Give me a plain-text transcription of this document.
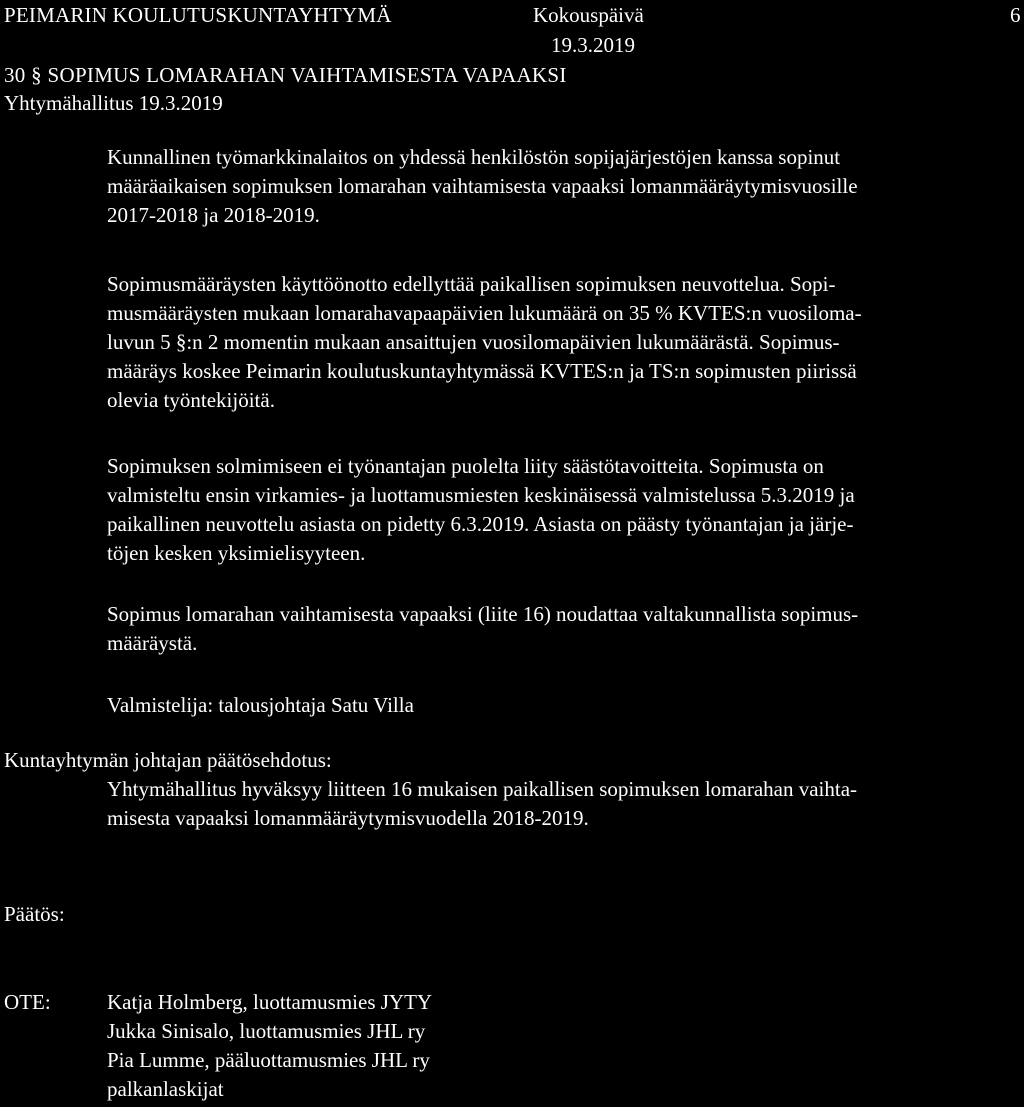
PEIMARIN KOULUTUSKUNTAYHTYMÄ	Kokouspäivä	6

19.3.2019

30 § SOPIMUS LOMARAHAN VAIHTAMISESTA VAPAAKSI

Yhtymähallitus 19.3.2019

Kunnallinen työmarkkinalaitos on yhdessä henkilöstön sopijajärjestöjen kanssa sopinut
määräaikaisen sopimuksen lomarahan vaihtamisesta vapaaksi lomanmääräytymisvuosille
2017-2018 ja 2018-2019.
Sopimusmääräysten käyttöönotto edellyttää paikallisen sopimuksen neuvottelua. Sopi-
musmääräysten mukaan lomarahavapaapäivien lukumäärä on 35 % KVTES:n vuosiloma-
luvun 5 §:n 2 momentin mukaan ansaittujen vuosilomapäivien lukumäärästä. Sopimus-
määräys koskee Peimarin koulutuskuntayhtymässä KVTES:n ja TS:n sopimusten piirissä
olevia työntekijöitä.
Sopimuksen solmimiseen ei työnantajan puolelta liity säästötavoitteita. Sopimusta on
valmisteltu ensin virkamies- ja luottamusmiesten keskinäisessä valmistelussa 5.3.2019 ja
paikallinen neuvottelu asiasta on pidetty 6.3.2019. Asiasta on päästy työnantajan ja järje-
töjen kesken yksimielisyyteen.
Sopimus lomarahan vaihtamisesta vapaaksi (liite 16) noudattaa valtakunnallista sopimus-
määräystä.
Valmistelija: talousjohtaja Satu Villa

Kuntayhtymän johtajan päätösehdotus:

Yhtymähallitus hyväksyy liitteen 16 mukaisen paikallisen sopimuksen lomarahan vaihta-
misesta vapaaksi lomanmääräytymisvuodella 2018-2019.

Päätös:

OTE:	Katja Holmberg, luottamusmies JYTY
Jukka Sinisalo, luottamusmies JHL ry
Pia Lumme, pääluottamusmies JHL ry
palkanlaskijat
